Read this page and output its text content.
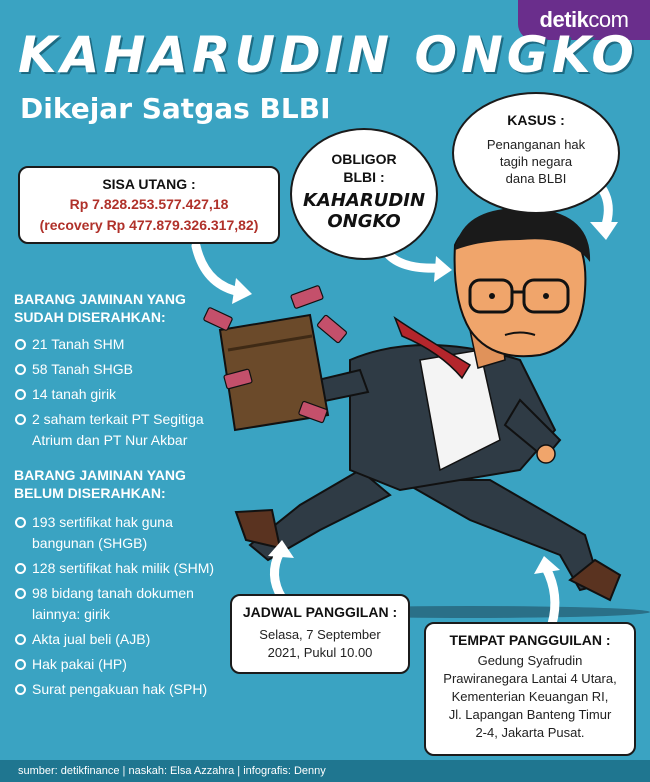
detikcom
KAHARUDIN ONGKO
Dikejar Satgas BLBI
SISA UTANG :
Rp 7.828.253.577.427,18
(recovery Rp 477.879.326.317,82)
OBLIGOR
BLBI :
KAHARUDIN
ONGKO
KASUS :
Penanganan hak
tagih negara
dana BLBI
BARANG JAMINAN YANG
SUDAH DISERAHKAN:
21 Tanah SHM
58 Tanah SHGB
14 tanah girik
2 saham terkait PT Segitiga Atrium dan PT Nur Akbar
BARANG JAMINAN YANG
BELUM DISERAHKAN:
193 sertifikat hak guna bangunan (SHGB)
128 sertifikat hak milik (SHM)
98 bidang tanah dokumen lainnya: girik
Akta jual beli (AJB)
Hak pakai (HP)
Surat pengakuan hak (SPH)
JADWAL PANGGILAN :
Selasa, 7 September
2021, Pukul 10.00
TEMPAT PANGGUILAN :
Gedung Syafrudin
Prawiranegara Lantai 4 Utara,
Kementerian Keuangan RI,
Jl. Lapangan Banteng Timur
2-4, Jakarta Pusat.
sumber: detikfinance | naskah: Elsa Azzahra | infografis: Denny
